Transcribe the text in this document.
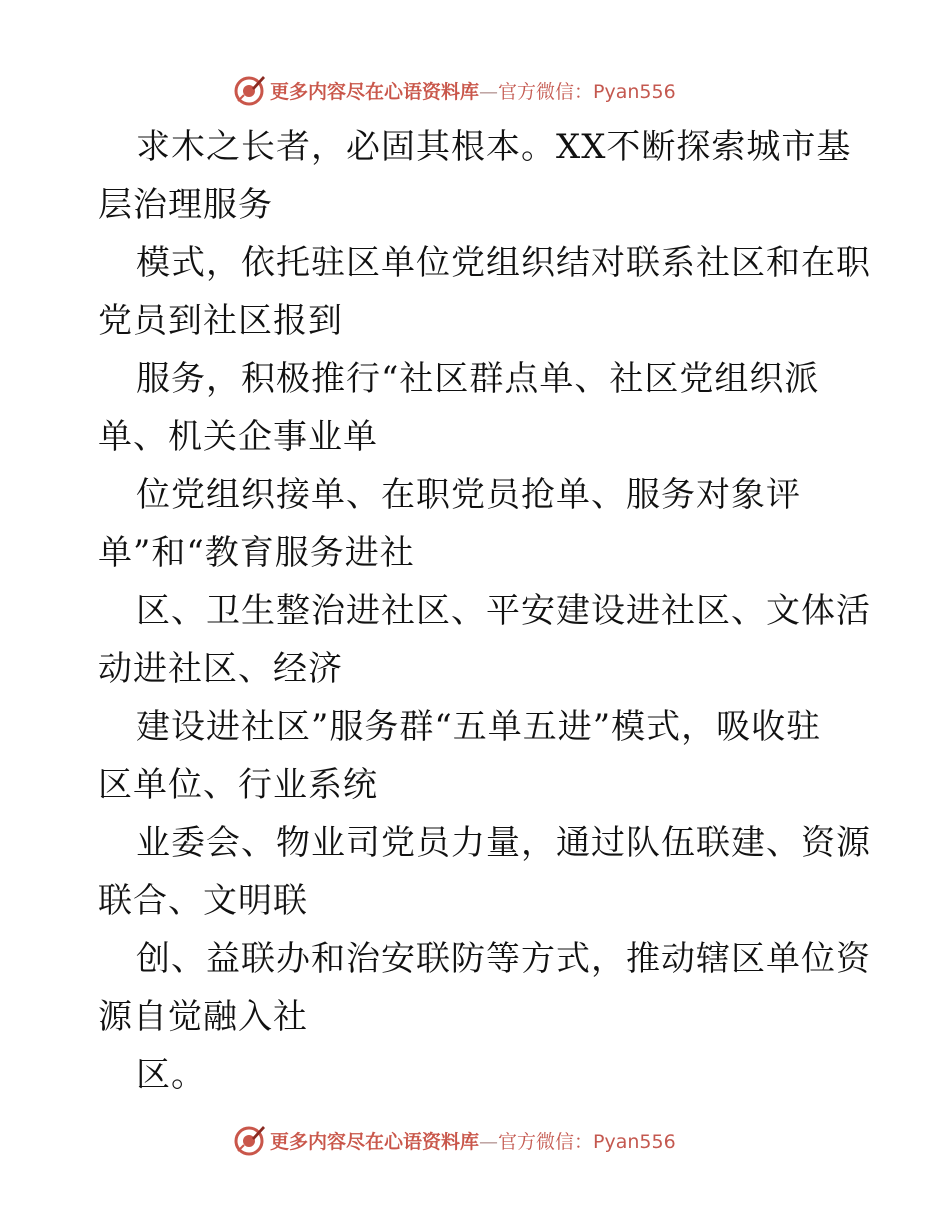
更多内容尽在心语资料库—官方微信：Pyan556
求木之长者，必固其根本。XX不断探索城市基
层治理服务
模式，依托驻区单位党组织结对联系社区和在职
党员到社区报到
服务，积极推行“社区群点单、社区党组织派
单、机关企事业单
位党组织接单、在职党员抢单、服务对象评
单”和“教育服务进社
区、卫生整治进社区、平安建设进社区、文体活
动进社区、经济
建设进社区”服务群“五单五进”模式，吸收驻
区单位、行业系统
业委会、物业司党员力量，通过队伍联建、资源
联合、文明联
创、益联办和治安联防等方式，推动辖区单位资
源自觉融入社
区。
更多内容尽在心语资料库—官方微信：Pyan556
